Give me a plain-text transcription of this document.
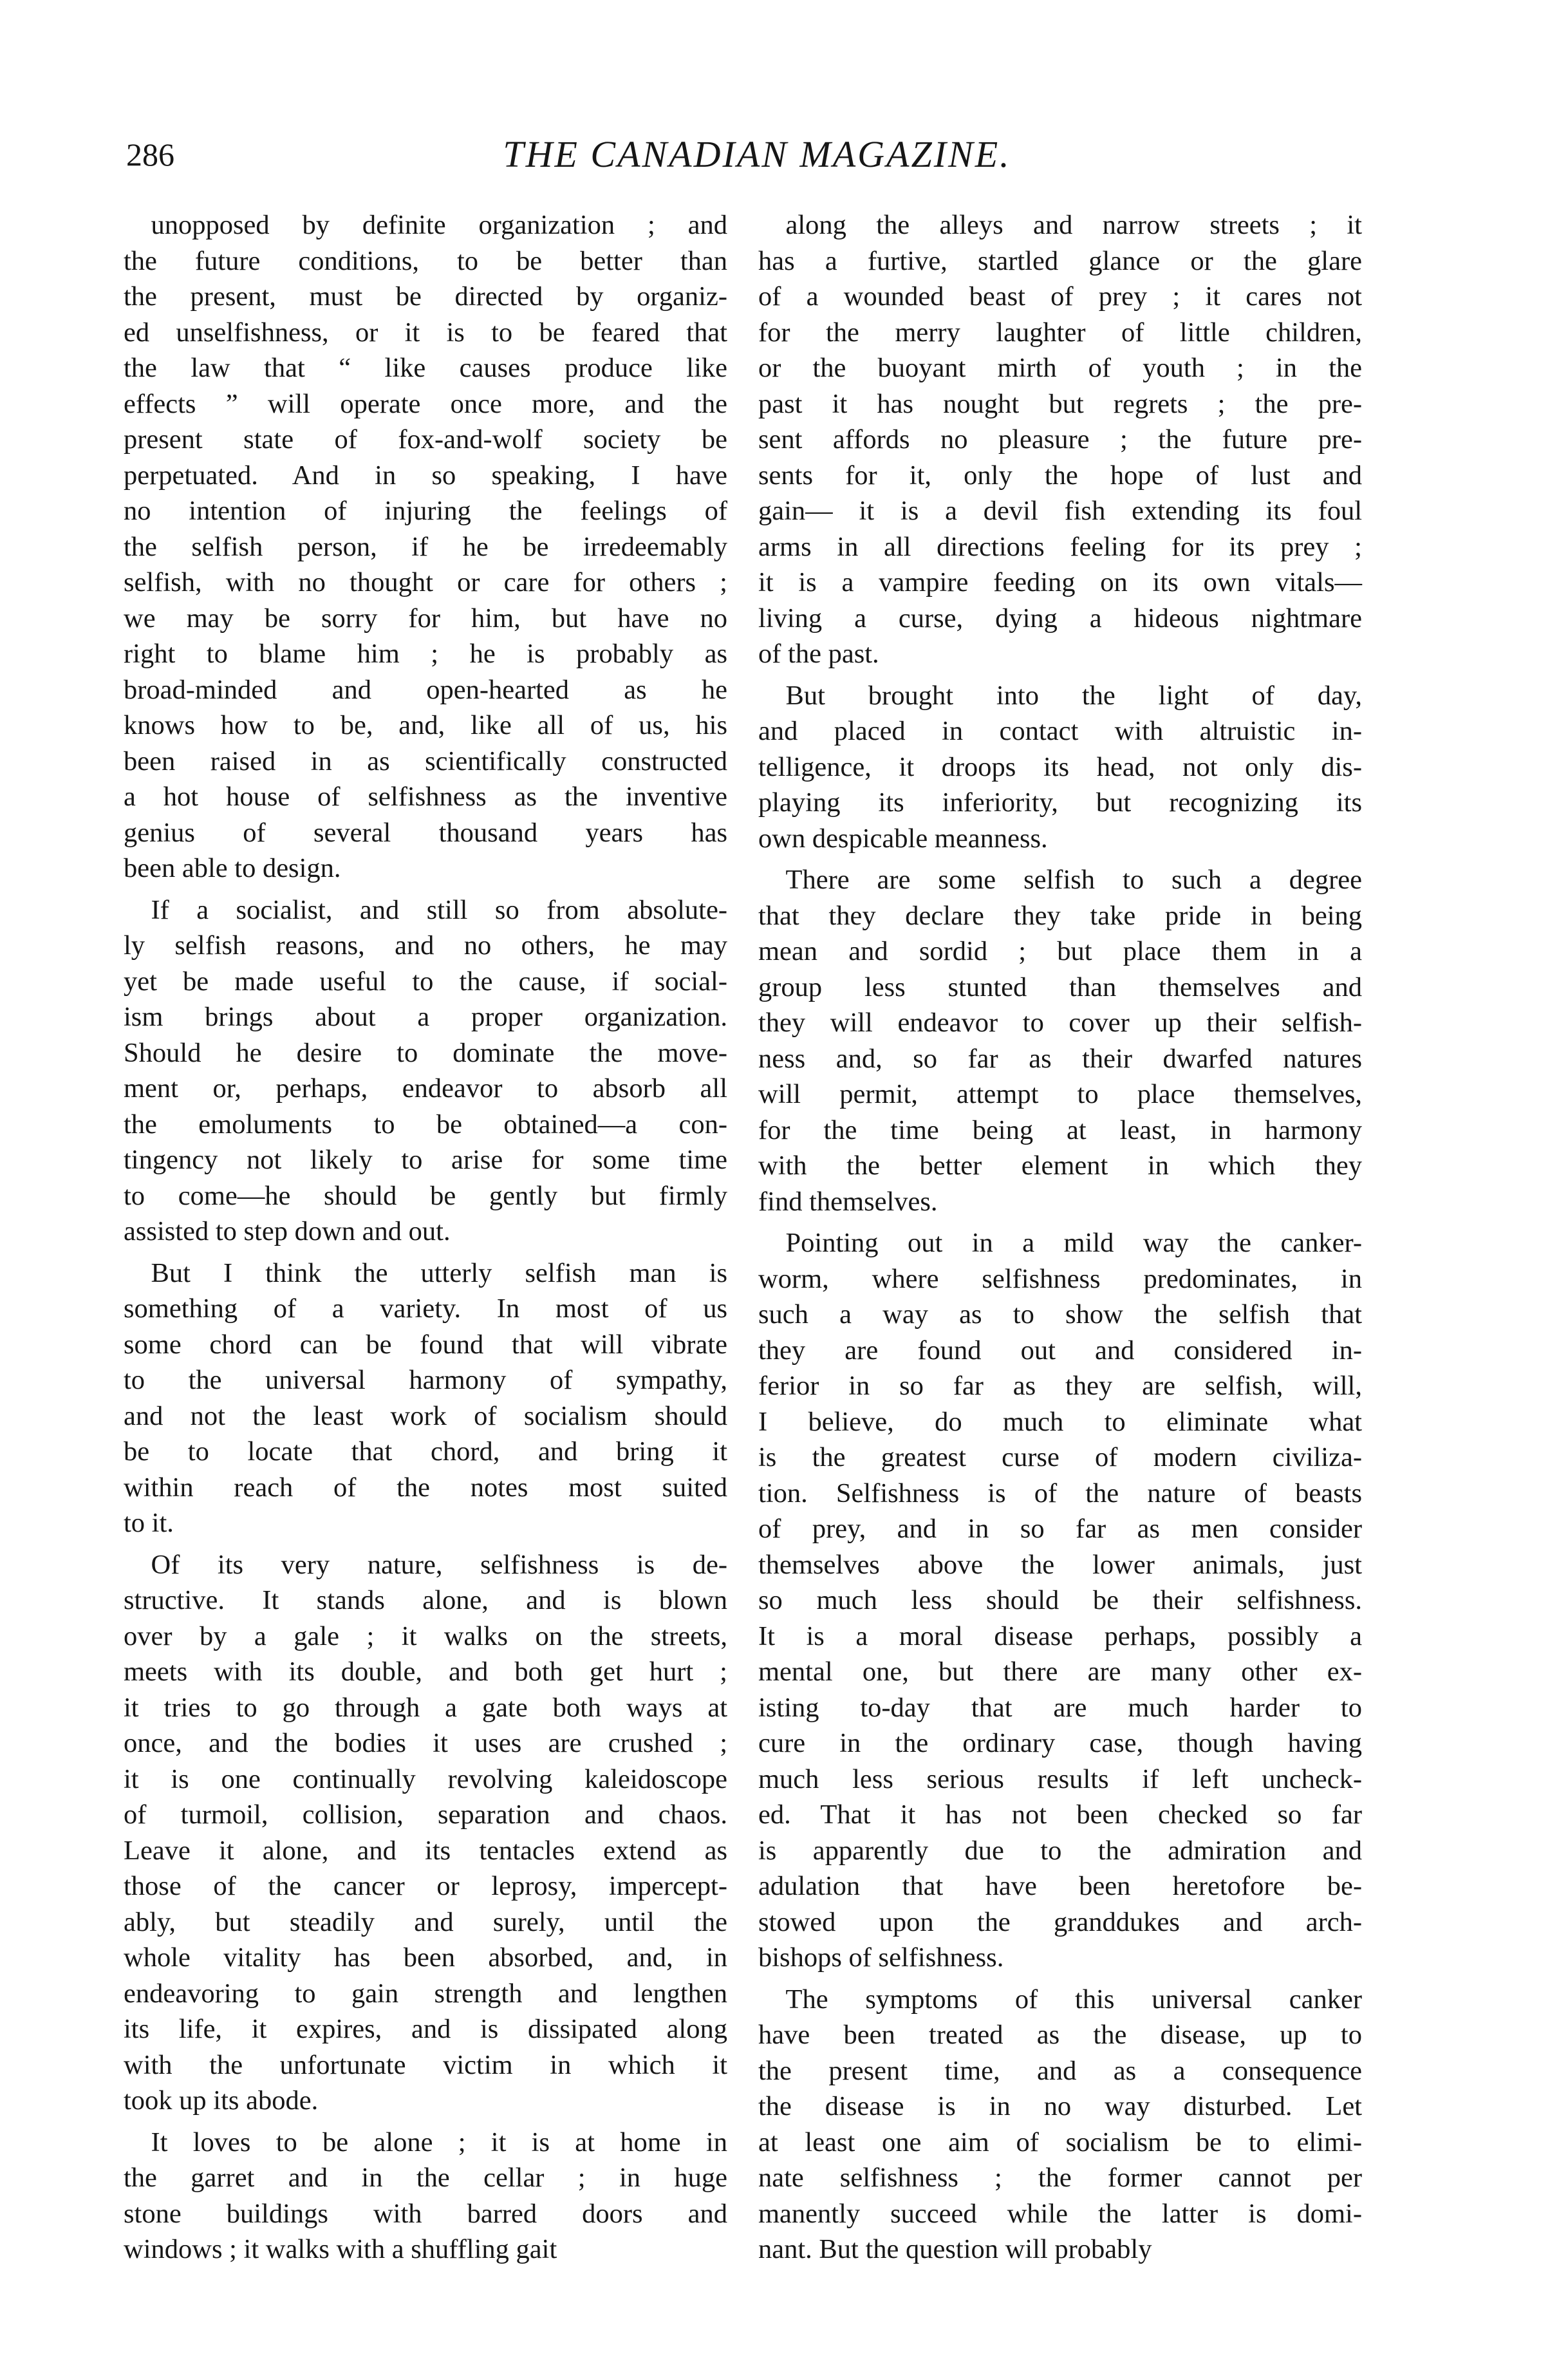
286	THE CANADIAN MAGAZINE.
 unopposed by definite organization ; and
the future conditions, to be better than
the present, must be directed by organiz-
ed unselfishness, or it is to be feared that
the law that “ like causes produce like
effects ” will operate once more, and the
present state of fox-and-wolf society be
perpetuated. And in so speaking, I have
no intention of injuring the feelings of
the selfish person, if he be irredeemably
selfish, with no thought or care for others ;
we may be sorry for him, but have no
right to blame him ; he is probably as
broad-minded and open-hearted as he
knows how to be, and, like all of us, his
been raised in as scientifically constructed
a hot house of selfishness as the inventive
genius of several thousand years has
been able to design.
 If a socialist, and still so from absolute-
ly selfish reasons, and no others, he may
yet be made useful to the cause, if social-
ism brings about a proper organization.
Should he desire to dominate the move-
ment or, perhaps, endeavor to absorb all
the emoluments to be obtained—a con-
tingency not likely to arise for some time
to come—he should be gently but firmly
assisted to step down and out.
 But I think the utterly selfish man is
something of a variety. In most of us
some chord can be found that will vibrate
to the universal harmony of sympathy,
and not the least work of socialism should
be to locate that chord, and bring it
within reach of the notes most suited
to it.
 Of its very nature, selfishness is de-
structive. It stands alone, and is blown
over by a gale ; it walks on the streets,
meets with its double, and both get hurt ;
it tries to go through a gate both ways at
once, and the bodies it uses are crushed ;
it is one continually revolving kaleidoscope
of turmoil, collision, separation and chaos.
Leave it alone, and its tentacles extend as
those of the cancer or leprosy, impercept-
ably, but steadily and surely, until the
whole vitality has been absorbed, and, in
endeavoring to gain strength and lengthen
its life, it expires, and is dissipated along
with the unfortunate victim in which it
took up its abode.
 It loves to be alone ; it is at home in
the garret and in the cellar ; in huge
stone buildings with barred doors and
windows ; it walks with a shuffling gait
 along the alleys and narrow streets ; it
has a furtive, startled glance or the glare
of a wounded beast of prey ; it cares not
for the merry laughter of little children,
or the buoyant mirth of youth ; in the
past it has nought but regrets ; the pre-
sent affords no pleasure ; the future pre-
sents for it, only the hope of lust and
gain— it is a devil fish extending its foul
arms in all directions feeling for its prey ;
it is a vampire feeding on its own vitals—
living a curse, dying a hideous nightmare
of the past.
 But brought into the light of day,
and placed in contact with altruistic in-
telligence, it droops its head, not only dis-
playing its inferiority, but recognizing its
own despicable meanness.
 There are some selfish to such a degree
that they declare they take pride in being
mean and sordid ; but place them in a
group less stunted than themselves and
they will endeavor to cover up their selfish-
ness and, so far as their dwarfed natures
will permit, attempt to place themselves,
for the time being at least, in harmony
with the better element in which they
find themselves.
 Pointing out in a mild way the canker-
worm, where selfishness predominates, in
such a way as to show the selfish that
they are found out and considered in-
ferior in so far as they are selfish, will,
I believe, do much to eliminate what
is the greatest curse of modern civiliza-
tion. Selfishness is of the nature of beasts
of prey, and in so far as men consider
themselves above the lower animals, just
so much less should be their selfishness.
It is a moral disease perhaps, possibly a
mental one, but there are many other ex-
isting to-day that are much harder to
cure in the ordinary case, though having
much less serious results if left uncheck-
ed. That it has not been checked so far
is apparently due to the admiration and
adulation that have been heretofore be-
stowed upon the granddukes and arch-
bishops of selfishness.
 The symptoms of this universal canker
have been treated as the disease, up to
the present time, and as a consequence
the disease is in no way disturbed. Let
at least one aim of socialism be to elimi-
nate selfishness ; the former cannot per
manently succeed while the latter is domi-
nant. But the question will probably
